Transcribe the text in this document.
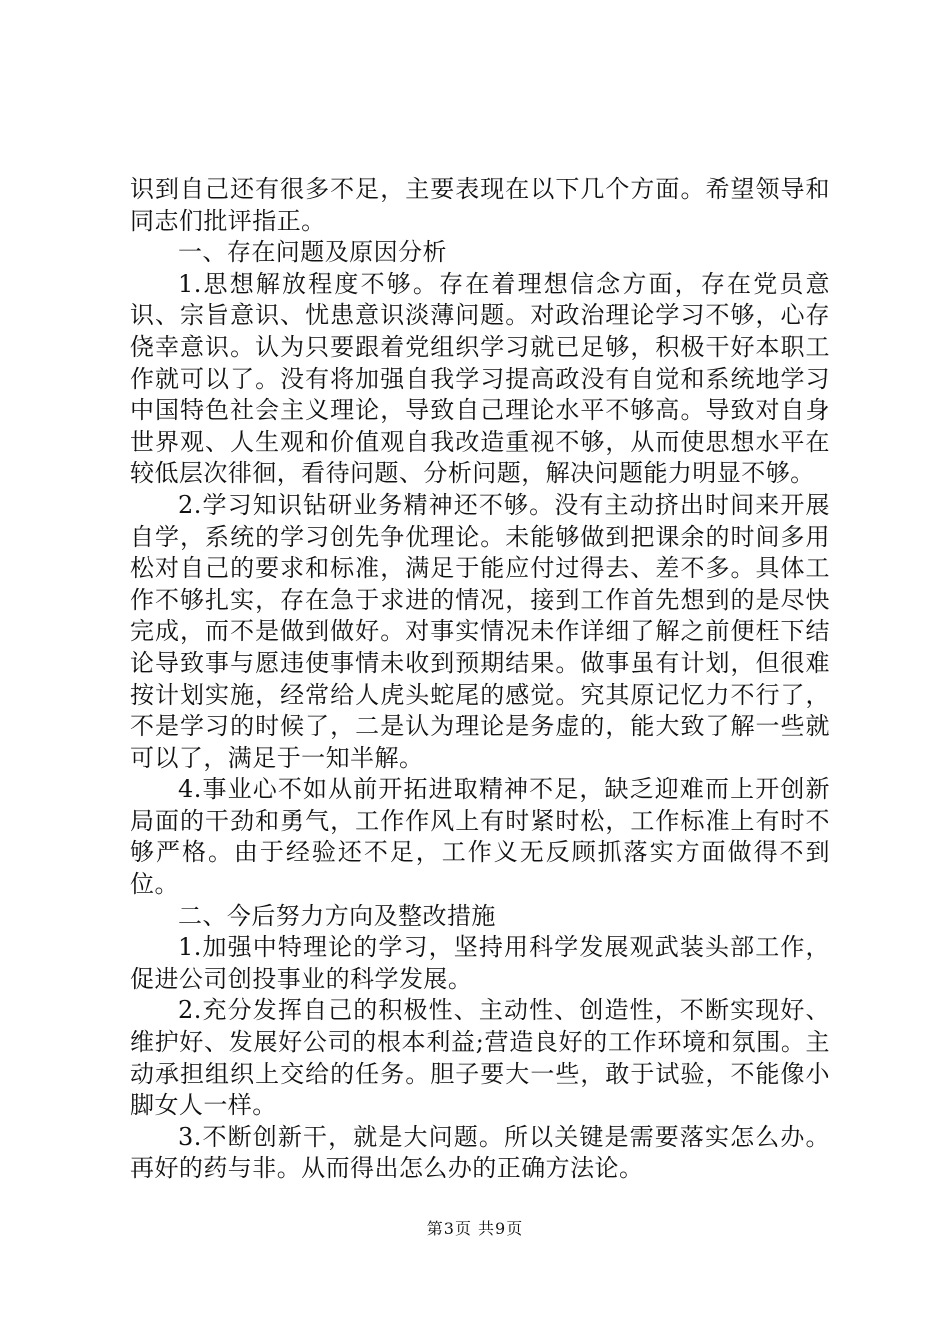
识到自己还有很多不足，主要表现在以下几个方面。希望领导和同志们批评指正。

一、存在问题及原因分析

1.思想解放程度不够。存在着理想信念方面，存在党员意识、宗旨意识、忧患意识淡薄问题。对政治理论学习不够，心存侥幸意识。认为只要跟着党组织学习就已足够，积极干好本职工作就可以了。没有将加强自我学习提高政没有自觉和系统地学习中国特色社会主义理论，导致自己理论水平不够高。导致对自身世界观、人生观和价值观自我改造重视不够，从而使思想水平在较低层次徘徊，看待问题、分析问题，解决问题能力明显不够。

2.学习知识钻研业务精神还不够。没有主动挤出时间来开展自学，系统的学习创先争优理论。未能够做到把课余的时间多用松对自己的要求和标准，满足于能应付过得去、差不多。具体工作不够扎实，存在急于求进的情况，接到工作首先想到的是尽快完成，而不是做到做好。对事实情况未作详细了解之前便枉下结论导致事与愿违使事情未收到预期结果。做事虽有计划，但很难按计划实施，经常给人虎头蛇尾的感觉。究其原记忆力不行了，不是学习的时候了，二是认为理论是务虚的，能大致了解一些就可以了，满足于一知半解。

4.事业心不如从前开拓进取精神不足，缺乏迎难而上开创新局面的干劲和勇气，工作作风上有时紧时松，工作标准上有时不够严格。由于经验还不足，工作义无反顾抓落实方面做得不到位。

二、今后努力方向及整改措施

1.加强中特理论的学习，坚持用科学发展观武装头部工作，促进公司创投事业的科学发展。

2.充分发挥自己的积极性、主动性、创造性，不断实现好、维护好、发展好公司的根本利益;营造良好的工作环境和氛围。主动承担组织上交给的任务。胆子要大一些，敢于试验，不能像小脚女人一样。

3.不断创新干，就是大问题。所以关键是需要落实怎么办。再好的药与非。从而得出怎么办的正确方法论。

第3页 共9页
